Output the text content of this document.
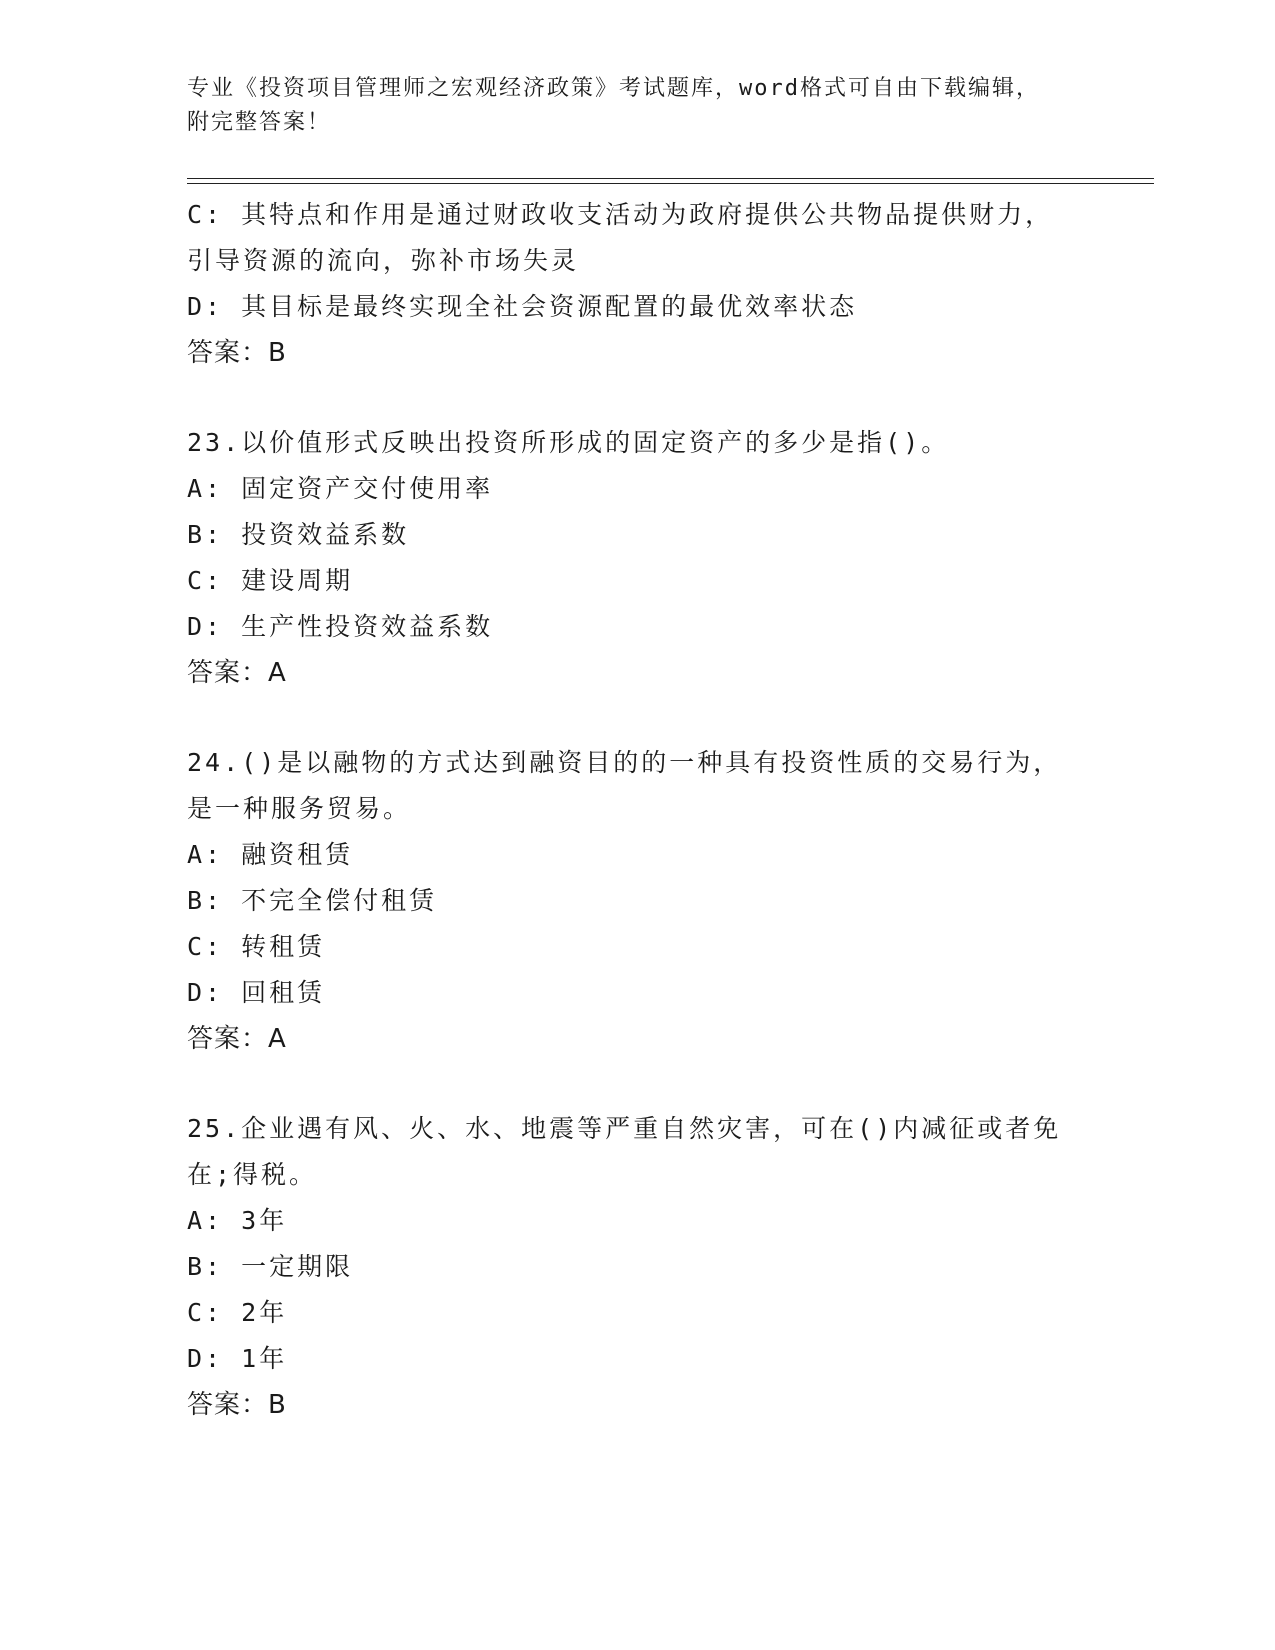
专业《投资项目管理师之宏观经济政策》考试题库，word格式可自由下载编辑，
附完整答案！
C: 其特点和作用是通过财政收支活动为政府提供公共物品提供财力，
引导资源的流向，弥补市场失灵
D: 其目标是最终实现全社会资源配置的最优效率状态
答案：B
23.以价值形式反映出投资所形成的固定资产的多少是指()。
A: 固定资产交付使用率
B: 投资效益系数
C: 建设周期
D: 生产性投资效益系数
答案：A
24.()是以融物的方式达到融资目的的一种具有投资性质的交易行为，
是一种服务贸易。
A: 融资租赁
B: 不完全偿付租赁
C: 转租赁
D: 回租赁
答案：A
25.企业遇有风、火、水、地震等严重自然灾害，可在()内减征或者免
在;得税。
A: 3年
B: 一定期限
C: 2年
D: 1年
答案：B
